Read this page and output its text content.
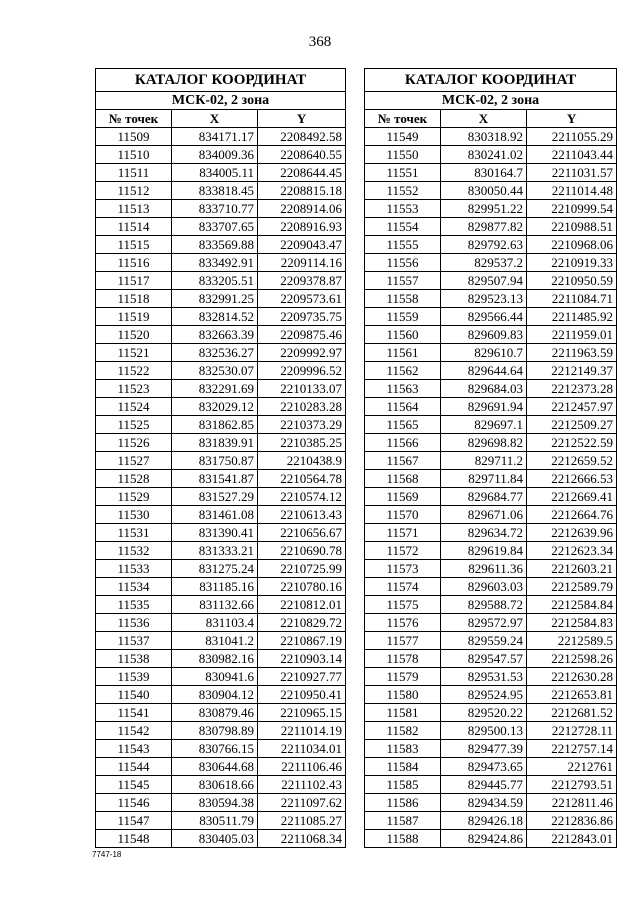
368
КАТАЛОГ КООРДИНАТ		
МСК-02, 2 зона		
№ точек	X	Y
11509	834171.17	2208492.58
11510	834009.36	2208640.55
11511	834005.11	2208644.45
11512	833818.45	2208815.18
11513	833710.77	2208914.06
11514	833707.65	2208916.93
11515	833569.88	2209043.47
11516	833492.91	2209114.16
11517	833205.51	2209378.87
11518	832991.25	2209573.61
11519	832814.52	2209735.75
11520	832663.39	2209875.46
11521	832536.27	2209992.97
11522	832530.07	2209996.52
11523	832291.69	2210133.07
11524	832029.12	2210283.28
11525	831862.85	2210373.29
11526	831839.91	2210385.25
11527	831750.87	2210438.9
11528	831541.87	2210564.78
11529	831527.29	2210574.12
11530	831461.08	2210613.43
11531	831390.41	2210656.67
11532	831333.21	2210690.78
11533	831275.24	2210725.99
11534	831185.16	2210780.16
11535	831132.66	2210812.01
11536	831103.4	2210829.72
11537	831041.2	2210867.19
11538	830982.16	2210903.14
11539	830941.6	2210927.77
11540	830904.12	2210950.41
11541	830879.46	2210965.15
11542	830798.89	2211014.19
11543	830766.15	2211034.01
11544	830644.68	2211106.46
11545	830618.66	2211102.43
11546	830594.38	2211097.62
11547	830511.79	2211085.27
11548	830405.03	2211068.34
КАТАЛОГ КООРДИНАТ		
МСК-02, 2 зона		
№ точек	X	Y
11549	830318.92	2211055.29
11550	830241.02	2211043.44
11551	830164.7	2211031.57
11552	830050.44	2211014.48
11553	829951.22	2210999.54
11554	829877.82	2210988.51
11555	829792.63	2210968.06
11556	829537.2	2210919.33
11557	829507.94	2210950.59
11558	829523.13	2211084.71
11559	829566.44	2211485.92
11560	829609.83	2211959.01
11561	829610.7	2211963.59
11562	829644.64	2212149.37
11563	829684.03	2212373.28
11564	829691.94	2212457.97
11565	829697.1	2212509.27
11566	829698.82	2212522.59
11567	829711.2	2212659.52
11568	829711.84	2212666.53
11569	829684.77	2212669.41
11570	829671.06	2212664.76
11571	829634.72	2212639.96
11572	829619.84	2212623.34
11573	829611.36	2212603.21
11574	829603.03	2212589.79
11575	829588.72	2212584.84
11576	829572.97	2212584.83
11577	829559.24	2212589.5
11578	829547.57	2212598.26
11579	829531.53	2212630.28
11580	829524.95	2212653.81
11581	829520.22	2212681.52
11582	829500.13	2212728.11
11583	829477.39	2212757.14
11584	829473.65	2212761
11585	829445.77	2212793.51
11586	829434.59	2212811.46
11587	829426.18	2212836.86
11588	829424.86	2212843.01
7747-18
